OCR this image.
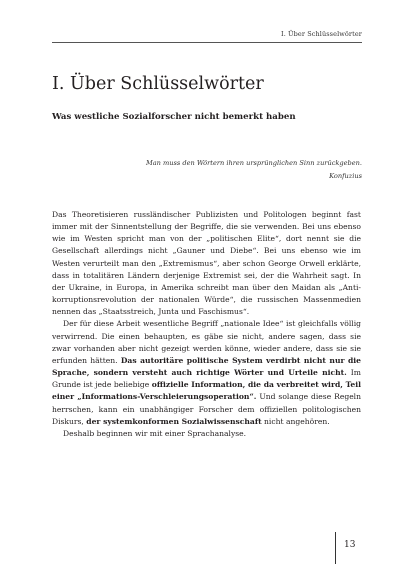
I. Über Schlüsselwörter
I. Über Schlüsselwörter
Was westliche Sozialforscher nicht bemerkt haben
Man muss den Wörtern ihren ursprünglichen Sinn zurückgeben.
Konfuzius

Das Theoretisieren russländischer Publizisten und Politologen beginnt fast immer mit der Sinnentstellung der Begriffe, die sie verwenden. Bei uns ebenso wie im Westen spricht man von der „politischen Elite“, dort nennt sie die Gesellschaft allerdings nicht „Gauner und Diebe“. Bei uns ebenso wie im Westen verurteilt man den „Extremismus“, aber schon George Orwell erklärte, dass in totalitären Ländern derjenige Extremist sei, der die Wahrheit sagt. In der Ukraine, in Europa, in Amerika schreibt man über den Maidan als „Anti-korruptionsrevolution der nationalen Würde“, die russischen Massenmedien nennen das „Staatsstreich, Junta und Faschismus“.

Der für diese Arbeit wesentliche Begriff „nationale Idee“ ist gleichfalls völlig verwirrend. Die einen behaupten, es gäbe sie nicht, andere sagen, dass sie zwar vorhanden aber nicht gezeigt werden könne, wieder andere, dass sie sie erfunden hätten. Das autoritäre politische System verdirbt nicht nur die Sprache, sondern versteht auch richtige Wörter und Urteile nicht. Im Grunde ist jede beliebige offizielle Information, die da verbreitet wird, Teil einer „Informations-Verschleierungsoperation“. Und solange diese Regeln herrschen, kann ein unabhängiger Forscher dem offiziellen politologischen Diskurs, der systemkonformen Sozialwissenschaft nicht angehören.

Deshalb beginnen wir mit einer Sprachanalyse.

13
